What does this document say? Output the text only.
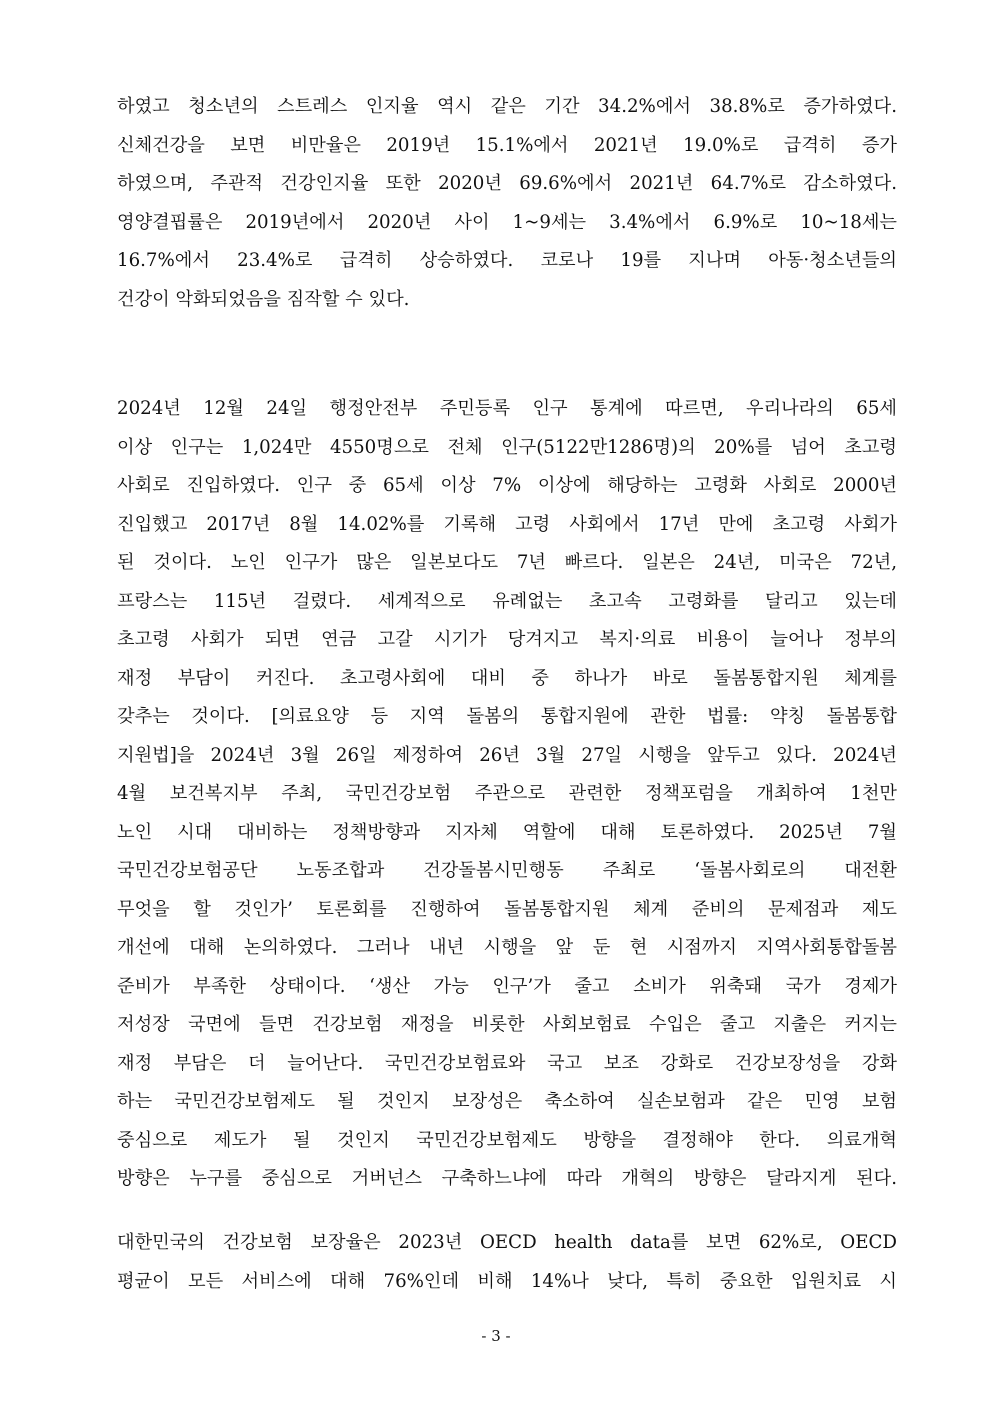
하였고 청소년의 스트레스 인지율 역시 같은 기간 34.2%에서 38.8%로 증가하였다.
신체건강을 보면 비만율은 2019년 15.1%에서 2021년 19.0%로 급격히 증가
하였으며, 주관적 건강인지율 또한 2020년 69.6%에서 2021년 64.7%로 감소하였다.
영양결핍률은 2019년에서 2020년 사이 1~9세는 3.4%에서 6.9%로 10~18세는
16.7%에서 23.4%로 급격히 상승하였다. 코로나 19를 지나며 아동·청소년들의
건강이 악화되었음을 짐작할 수 있다.
2024년 12월 24일 행정안전부 주민등록 인구 통계에 따르면, 우리나라의 65세
이상 인구는 1,024만 4550명으로 전체 인구(5122만1286명)의 20%를 넘어 초고령
사회로 진입하였다. 인구 중 65세 이상 7% 이상에 해당하는 고령화 사회로 2000년
진입했고 2017년 8월 14.02%를 기록해 고령 사회에서 17년 만에 초고령 사회가
된 것이다. 노인 인구가 많은 일본보다도 7년 빠르다. 일본은 24년, 미국은 72년,
프랑스는 115년 걸렸다. 세계적으로 유례없는 초고속 고령화를 달리고 있는데
초고령 사회가 되면 연금 고갈 시기가 당겨지고 복지·의료 비용이 늘어나 정부의
재정 부담이 커진다. 초고령사회에 대비 중 하나가 바로 돌봄통합지원 체계를
갖추는 것이다. [의료요양 등 지역 돌봄의 통합지원에 관한 법률: 약칭 돌봄통합
지원법]을 2024년 3월 26일 제정하여 26년 3월 27일 시행을 앞두고 있다. 2024년
4월 보건복지부 주최, 국민건강보험 주관으로 관련한 정책포럼을 개최하여 1천만
노인 시대 대비하는 정책방향과 지자체 역할에 대해 토론하였다. 2025년 7월
국민건강보험공단 노동조합과 건강돌봄시민행동 주최로 ‘돌봄사회로의 대전환
무엇을 할 것인가’ 토론회를 진행하여 돌봄통합지원 체계 준비의 문제점과 제도
개선에 대해 논의하였다. 그러나 내년 시행을 앞 둔 현 시점까지 지역사회통합돌봄
준비가 부족한 상태이다. ‘생산 가능 인구’가 줄고 소비가 위축돼 국가 경제가
저성장 국면에 들면 건강보험 재정을 비롯한 사회보험료 수입은 줄고 지출은 커지는
재정 부담은 더 늘어난다. 국민건강보험료와 국고 보조 강화로 건강보장성을 강화
하는 국민건강보험제도 될 것인지 보장성은 축소하여 실손보험과 같은 민영 보험
중심으로 제도가 될 것인지 국민건강보험제도 방향을 결정해야 한다. 의료개혁
방향은 누구를 중심으로 거버넌스 구축하느냐에 따라 개혁의 방향은 달라지게 된다.
대한민국의 건강보험 보장율은 2023년 OECD health data를 보면 62%로, OECD
평균이 모든 서비스에 대해 76%인데 비해 14%나 낮다, 특히 중요한 입원치료 시
- 3 -
